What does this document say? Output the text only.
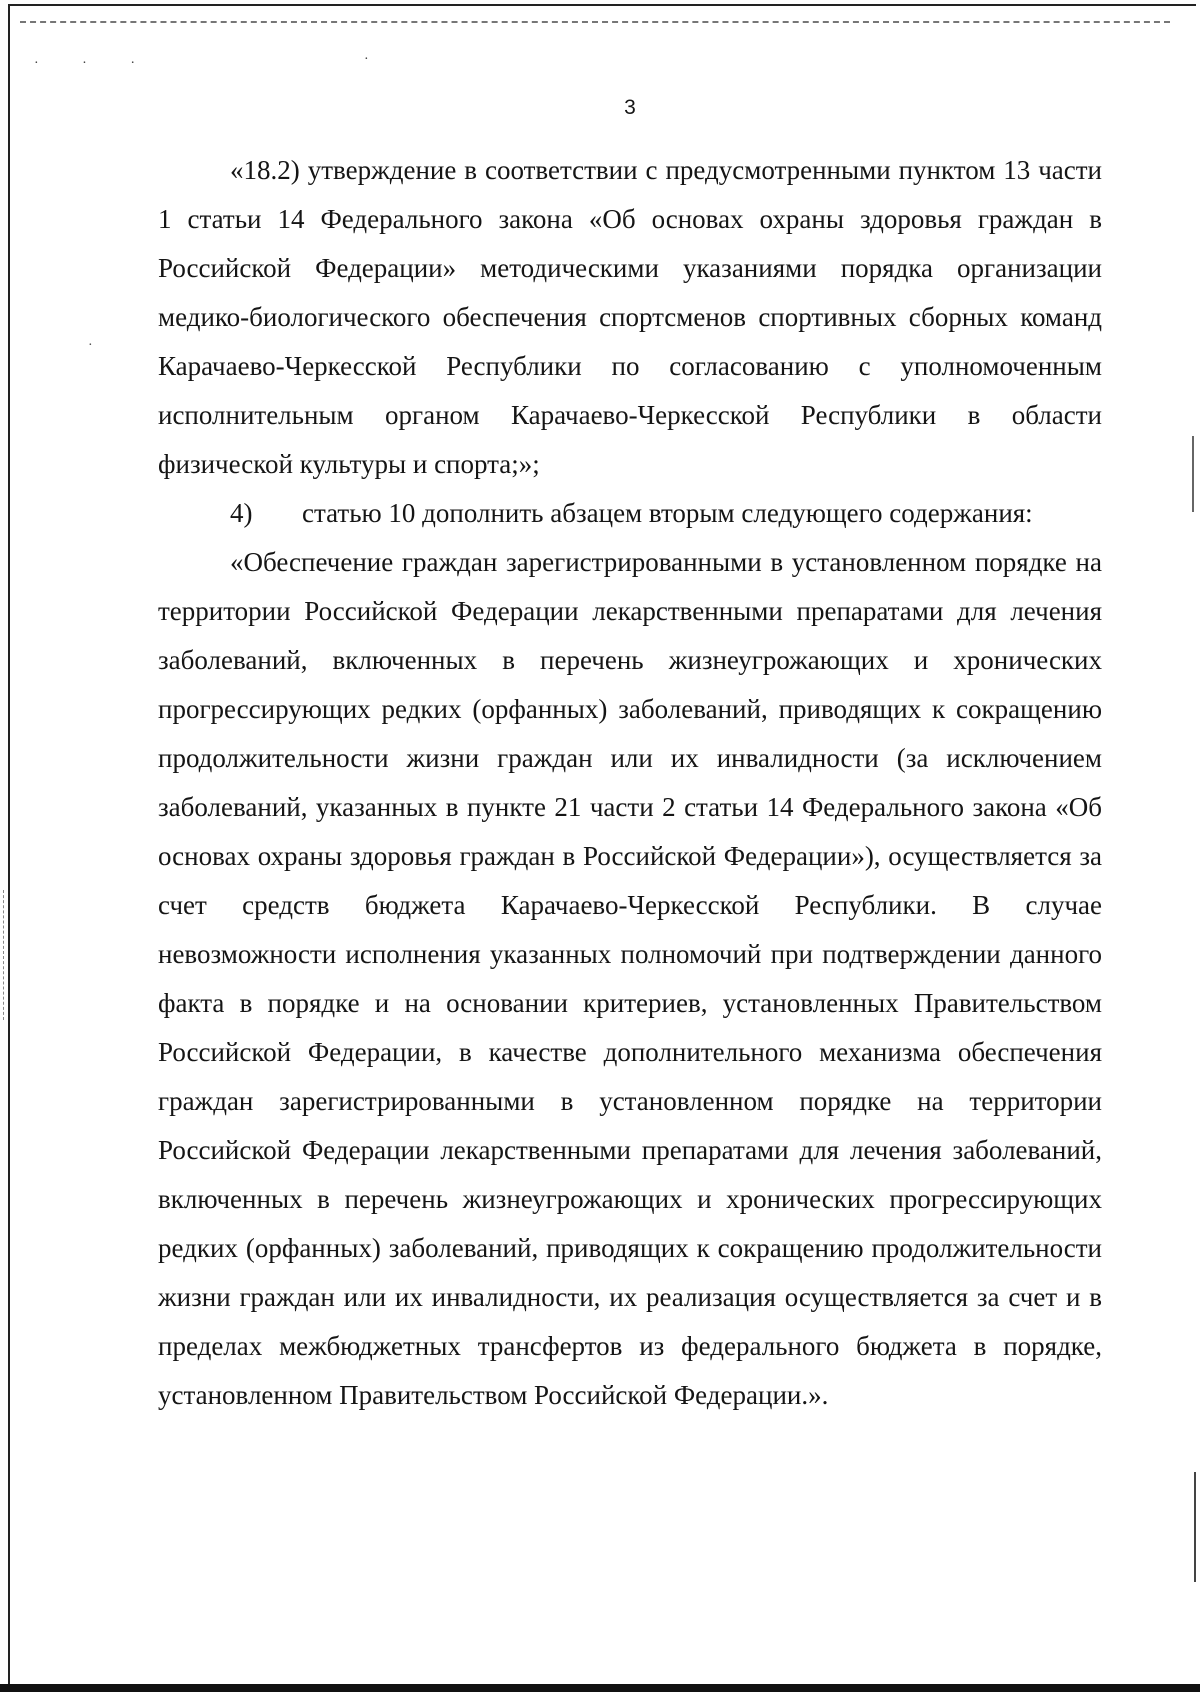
· · ·	·
·
3

«18.2) утверждение в соответствии с предусмотренными пунктом 13 части 1 статьи 14 Федерального закона «Об основах охраны здоровья граждан в Российской Федерации» методическими указаниями порядка организации медико-биологического обеспечения спортсменов спортивных сборных команд Карачаево-Черкесской Республики по согласованию с уполномоченным исполнительным органом Карачаево-Черкесской Республики в области физической культуры и спорта;»;

4)	статью 10 дополнить абзацем вторым следующего содержания:

«Обеспечение граждан зарегистрированными в установленном порядке на территории Российской Федерации лекарственными препаратами для лечения заболеваний, включенных в перечень жизнеугрожающих и хронических прогрессирующих редких (орфанных) заболеваний, приводящих к сокращению продолжительности жизни граждан или их инвалидности (за исключением заболеваний, указанных в пункте 21 части 2 статьи 14 Федерального закона «Об основах охраны здоровья граждан в Российской Федерации»), осуществляется за счет средств бюджета Карачаево-Черкесской Республики. В случае невозможности исполнения указанных полномочий при подтверждении данного факта в порядке и на основании критериев, установленных Правительством Российской Федерации, в качестве дополнительного механизма обеспечения граждан зарегистрированными в установленном порядке на территории Российской Федерации лекарственными препаратами для лечения заболеваний, включенных в перечень жизнеугрожающих и хронических прогрессирующих редких (орфанных) заболеваний, приводящих к сокращению продолжительности жизни граждан или их инвалидности, их реализация осуществляется за счет и в пределах межбюджетных трансфертов из федерального бюджета в порядке, установленном Правительством Российской Федерации.».
